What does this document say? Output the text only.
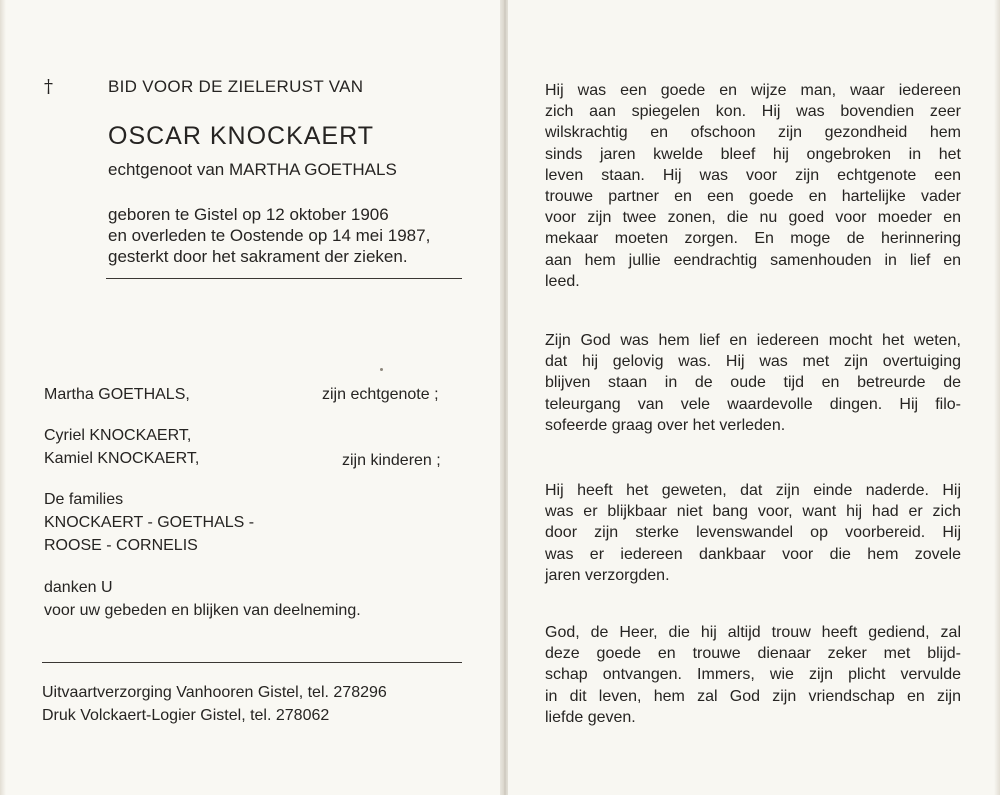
†	BID VOOR DE ZIELERUST VAN
OSCAR KNOCKAERT
echtgenoot van MARTHA GOETHALS
geboren te Gistel op 12 oktober 1906
en overleden te Oostende op 14 mei 1987,
gesterkt door het sakrament der zieken.
Martha GOETHALS,	zijn echtgenote ;
Cyriel KNOCKAERT,
Kamiel KNOCKAERT,	zijn kinderen ;
De families
KNOCKAERT - GOETHALS -
ROOSE - CORNELIS
danken U
voor uw gebeden en blijken van deelneming.
Uitvaartverzorging Vanhooren Gistel, tel. 278296
Druk Volckaert-Logier Gistel, tel. 278062
Hij was een goede en wijze man, waar iedereen
zich aan spiegelen kon. Hij was bovendien zeer
wilskrachtig en ofschoon zijn gezondheid hem
sinds jaren kwelde bleef hij ongebroken in het
leven staan. Hij was voor zijn echtgenote een
trouwe partner en een goede en hartelijke vader
voor zijn twee zonen, die nu goed voor moeder en
mekaar moeten zorgen. En moge de herinnering
aan hem jullie eendrachtig samenhouden in lief en
leed.
Zijn God was hem lief en iedereen mocht het weten,
dat hij gelovig was. Hij was met zijn overtuiging
blijven staan in de oude tijd en betreurde de
teleurgang van vele waardevolle dingen. Hij filo-
sofeerde graag over het verleden.
Hij heeft het geweten, dat zijn einde naderde. Hij
was er blijkbaar niet bang voor, want hij had er zich
door zijn sterke levenswandel op voorbereid. Hij
was er iedereen dankbaar voor die hem zovele
jaren verzorgden.
God, de Heer, die hij altijd trouw heeft gediend, zal
deze goede en trouwe dienaar zeker met blijd-
schap ontvangen. Immers, wie zijn plicht vervulde
in dit leven, hem zal God zijn vriendschap en zijn
liefde geven.
